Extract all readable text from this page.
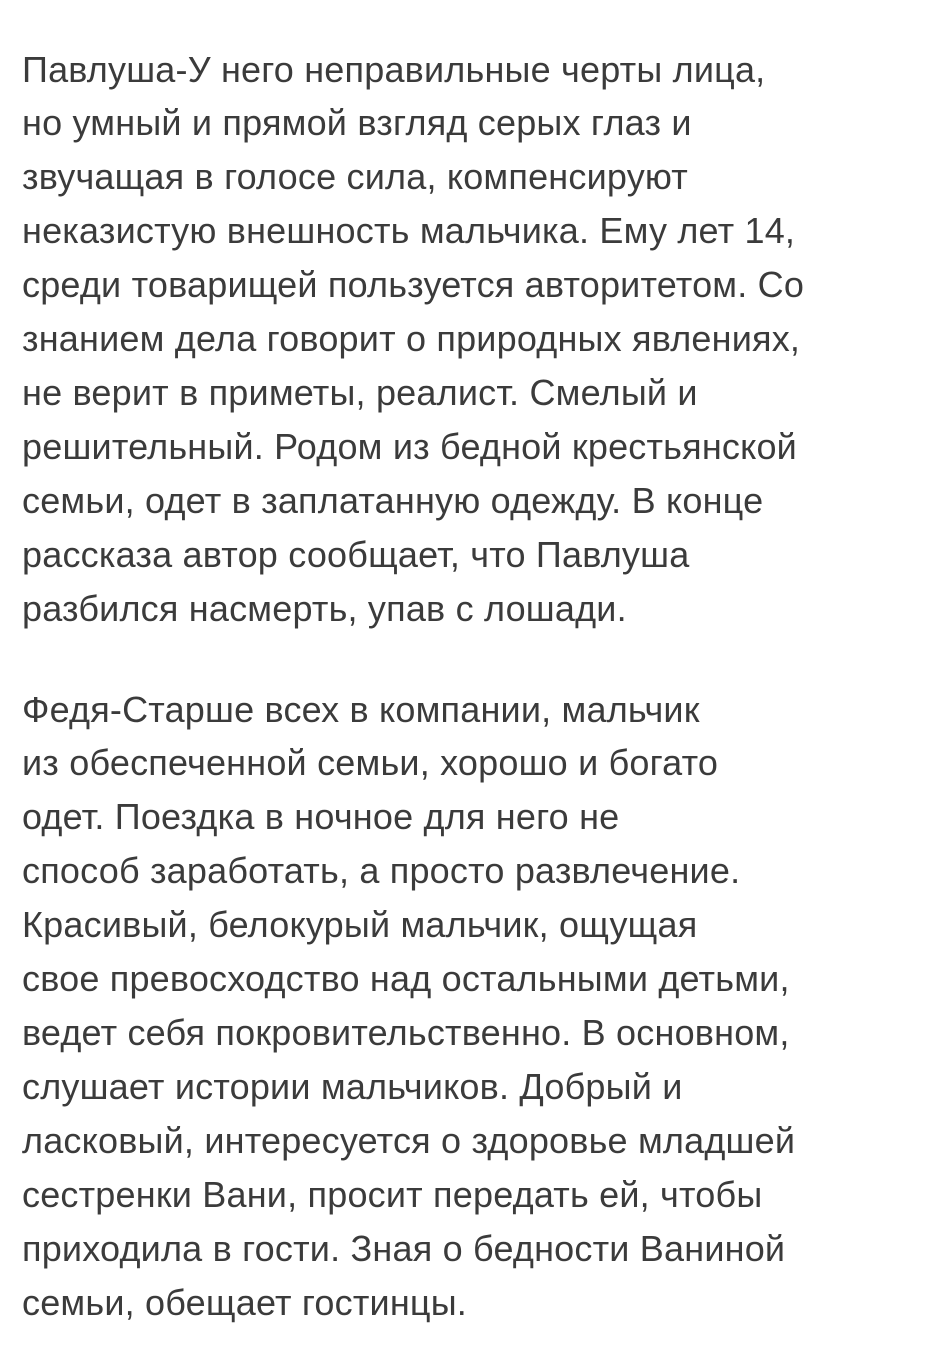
Павлуша-У него неправильные черты лица,
но умный и прямой взгляд серых глаз и
звучащая в голосе сила, компенсируют
неказистую внешность мальчика. Ему лет 14,
среди товарищей пользуется авторитетом. Со
знанием дела говорит о природных явлениях,
не верит в приметы, реалист. Смелый и
решительный. Родом из бедной крестьянской
семьи, одет в заплатанную одежду. В конце
рассказа автор сообщает, что Павлуша
разбился насмерть, упав с лошади.
Федя-Старше всех в компании, мальчик
из обеспеченной семьи, хорошо и богато
одет. Поездка в ночное для него не
способ заработать, а просто развлечение.
Красивый, белокурый мальчик, ощущая
свое превосходство над остальными детьми,
ведет себя покровительственно. В основном,
слушает истории мальчиков. Добрый и
ласковый, интересуется о здоровье младшей
сестренки Вани, просит передать ей, чтобы
приходила в гости. Зная о бедности Ваниной
семьи, обещает гостинцы.
